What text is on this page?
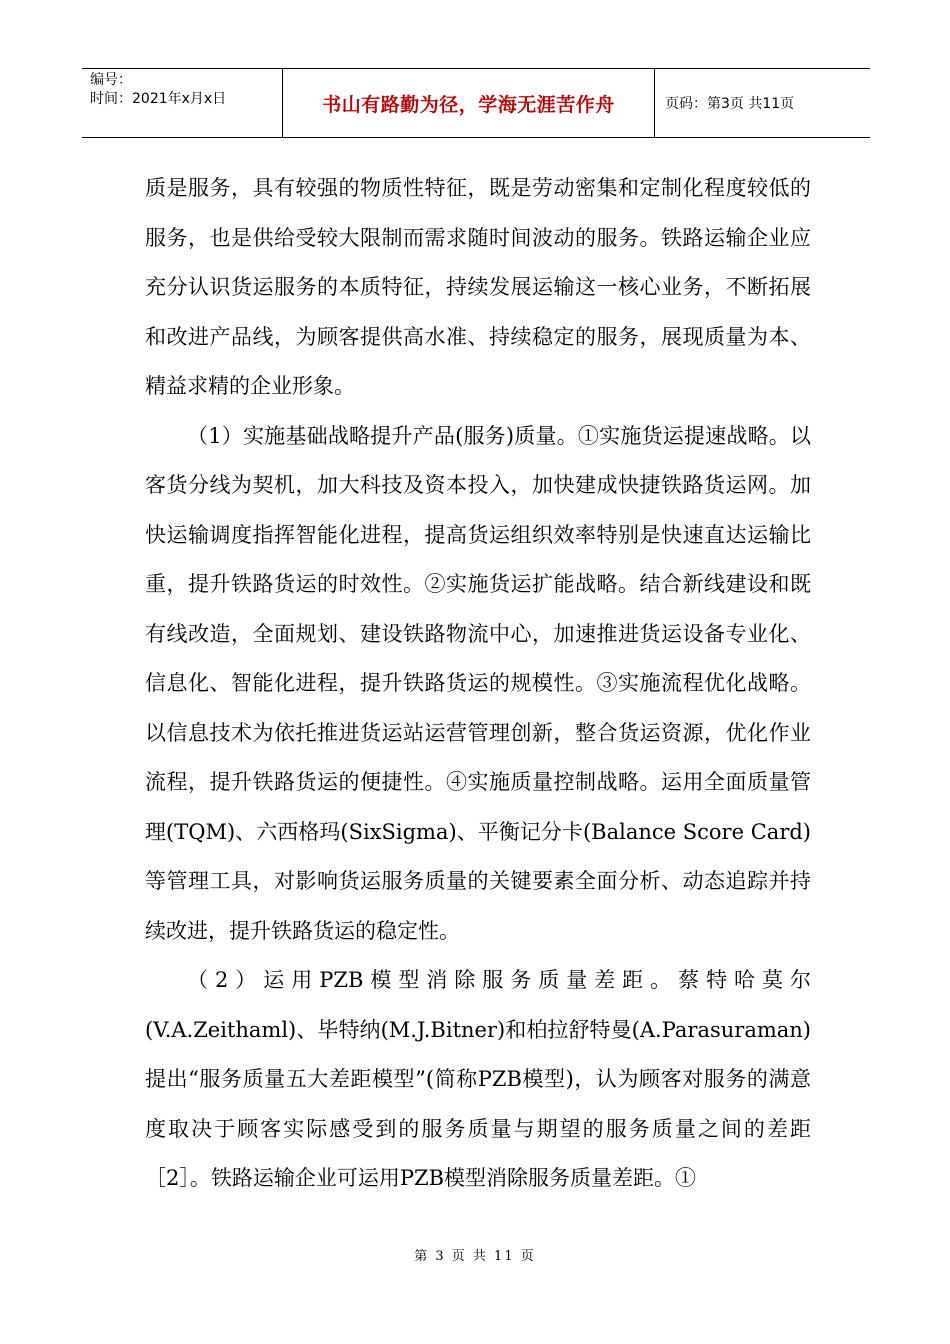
编号：
时间：2021年x月x日	书山有路勤为径，学海无涯苦作舟	页码：第3页 共11页

质是服务，具有较强的物质性特征，既是劳动密集和定制化程度较低的服务，也是供给受较大限制而需求随时间波动的服务。铁路运输企业应充分认识货运服务的本质特征，持续发展运输这一核心业务，不断拓展和改进产品线，为顾客提供高水准、持续稳定的服务，展现质量为本、精益求精的企业形象。

（1）实施基础战略提升产品(服务)质量。①实施货运提速战略。以客货分线为契机，加大科技及资本投入，加快建成快捷铁路货运网。加快运输调度指挥智能化进程，提高货运组织效率特别是快速直达运输比重，提升铁路货运的时效性。②实施货运扩能战略。结合新线建设和既有线改造，全面规划、建设铁路物流中心，加速推进货运设备专业化、信息化、智能化进程，提升铁路货运的规模性。③实施流程优化战略。以信息技术为依托推进货运站运营管理创新，整合货运资源，优化作业流程，提升铁路货运的便捷性。④实施质量控制战略。运用全面质量管理(TQM)、六西格玛(SixSigma)、平衡记分卡(Balance Score Card)等管理工具，对影响货运服务质量的关键要素全面分析、动态追踪并持续改进，提升铁路货运的稳定性。

（2）运用PZB模型消除服务质量差距。蔡特哈莫尔(V.A.Zeithaml)、毕特纳(M.J.Bitner)和柏拉舒特曼(A.Parasuraman)提出“服务质量五大差距模型”(简称PZB模型)，认为顾客对服务的满意度取决于顾客实际感受到的服务质量与期望的服务质量之间的差距［2］。铁路运输企业可运用PZB模型消除服务质量差距。①

第 3 页 共 11 页
